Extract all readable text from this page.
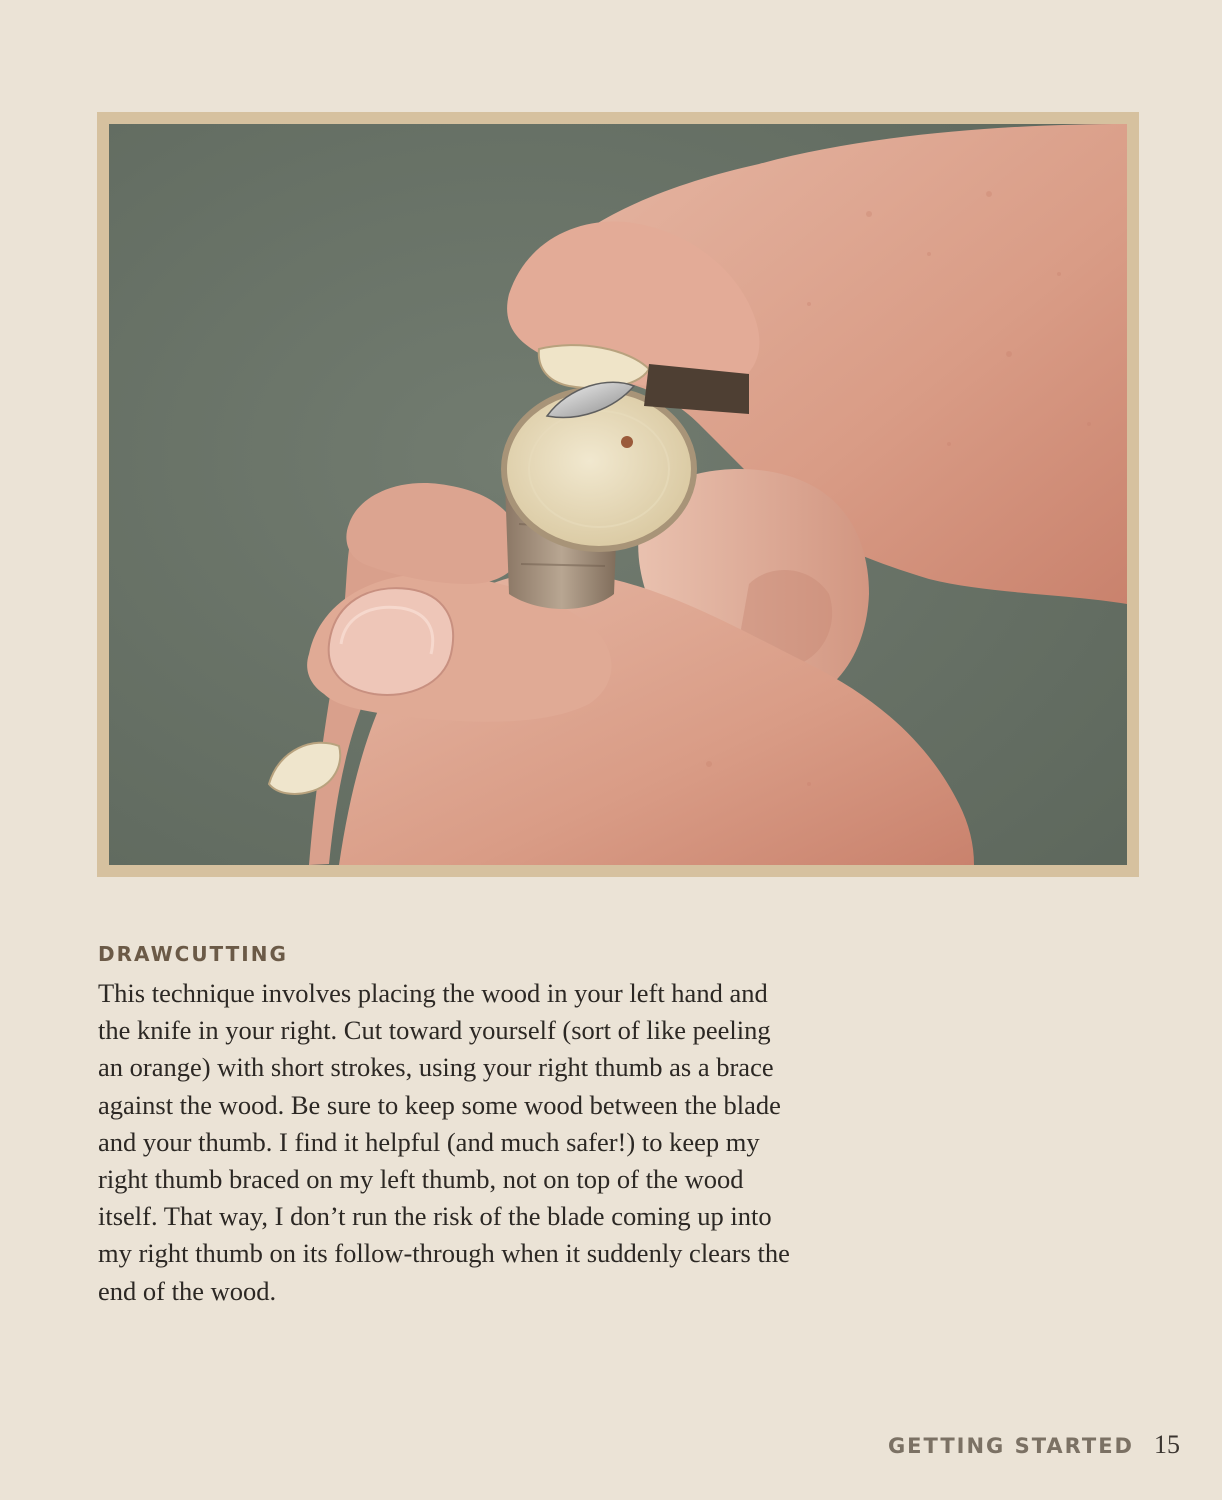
DRAWCUTTING

This technique involves placing the wood in your left hand and
the knife in your right. Cut toward yourself (sort of like peeling
an orange) with short strokes, using your right thumb as a brace
against the wood. Be sure to keep some wood between the blade
and your thumb. I find it helpful (and much safer!) to keep my
right thumb braced on my left thumb, not on top of the wood
itself. That way, I don’t run the risk of the blade coming up into
my right thumb on its follow-through when it suddenly clears the
end of the wood.

GETTING STARTED 15
